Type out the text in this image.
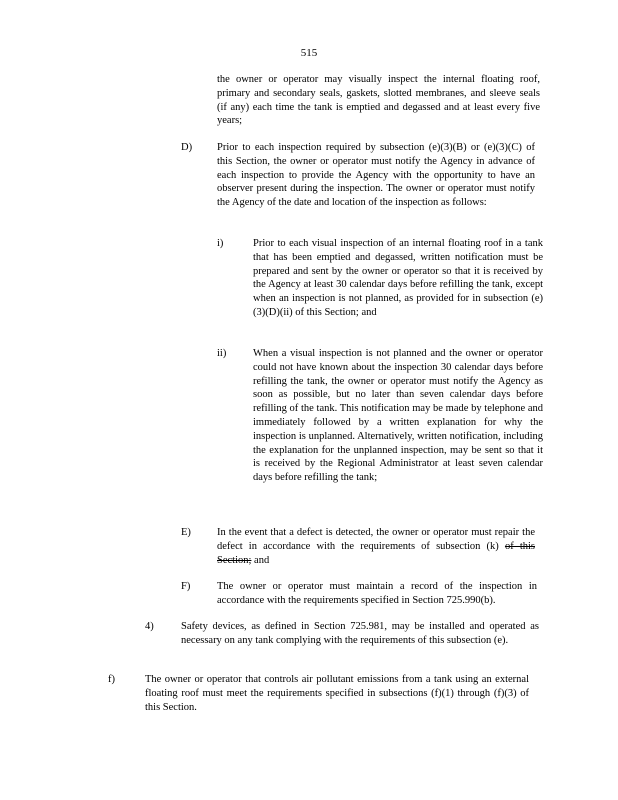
515
the owner or operator may visually inspect the internal floating roof, primary and secondary seals, gaskets, slotted membranes, and sleeve seals (if any) each time the tank is emptied and degassed and at least every five years;
D) Prior to each inspection required by subsection (e)(3)(B) or (e)(3)(C) of this Section, the owner or operator must notify the Agency in advance of each inspection to provide the Agency with the opportunity to have an observer present during the inspection. The owner or operator must notify the Agency of the date and location of the inspection as follows:
i)	Prior to each visual inspection of an internal floating roof in a tank that has been emptied and degassed, written notification must be prepared and sent by the owner or operator so that it is received by the Agency at least 30 calendar days before refilling the tank, except when an inspection is not planned, as provided for in subsection (e)(3)(D)(ii) of this Section; and
ii)	When a visual inspection is not planned and the owner or operator could not have known about the inspection 30 calendar days before refilling the tank, the owner or operator must notify the Agency as soon as possible, but no later than seven calendar days before refilling of the tank. This notification may be made by telephone and immediately followed by a written explanation for why the inspection is unplanned. Alternatively, written notification, including the explanation for the unplanned inspection, may be sent so that it is received by the Regional Administrator at least seven calendar days before refilling the tank;
E) In the event that a defect is detected, the owner or operator must repair the defect in accordance with the requirements of subsection (k) of this Section; and
F)	The owner or operator must maintain a record of the inspection in accordance with the requirements specified in Section 725.990(b).
4)	Safety devices, as defined in Section 725.981, may be installed and operated as necessary on any tank complying with the requirements of this subsection (e).
f)	The owner or operator that controls air pollutant emissions from a tank using an external floating roof must meet the requirements specified in subsections (f)(1) through (f)(3) of this Section.
